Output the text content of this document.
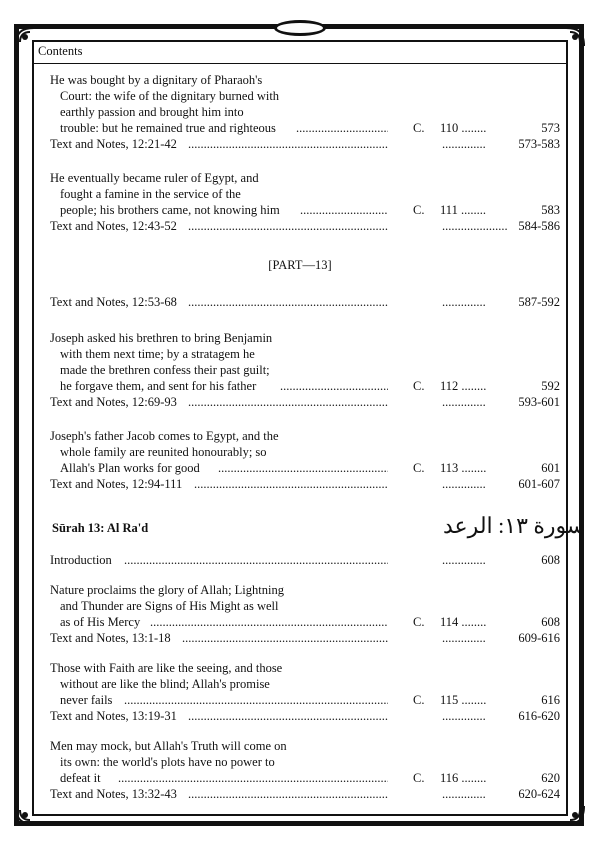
Contents
He was bought by a dignitary of Pharaoh's
Court: the wife of the dignitary burned with
earthly passion and brought him into
trouble: but he remained true and righteous .....	C. 110 ........	573
Text and Notes, 12:21-42 .....	..............	573-583
He eventually became ruler of Egypt, and
fought a famine in the service of the
people; his brothers came, not knowing him .....	C. 111 ........	583
Text and Notes, 12:43-52 .....	..................... 584-586
[PART—13]
Text and Notes, 12:53-68 .....	..............	587-592
Joseph asked his brethren to bring Benjamin
with them next time; by a stratagem he
made the brethren confess their past guilt;
he forgave them, and sent for his father .....	C. 112 ........	592
Text and Notes, 12:69-93 .....	..............	593-601
Joseph's father Jacob comes to Egypt, and the
whole family are reunited honourably; so
Allah's Plan works for good .....	C. 113 ........	601
Text and Notes, 12:94-111 .....	..............	601-607
Sūrah 13: Al Ra'd	سورة ١٣: الرعد
Introduction .....	..............	608
Nature proclaims the glory of Allah; Lightning
and Thunder are Signs of His Might as well
as of His Mercy .....	C. 114 ........	608
Text and Notes, 13:1-18 .....	..............	609-616
Those with Faith are like the seeing, and those
without are like the blind; Allah's promise
never fails .....	C. 115 ........	616
Text and Notes, 13:19-31 .....	..............	616-620
Men may mock, but Allah's Truth will come on
its own: the world's plots have no power to
defeat it .....	C. 116 ........	620
Text and Notes, 13:32-43 .....	..............	620-624
